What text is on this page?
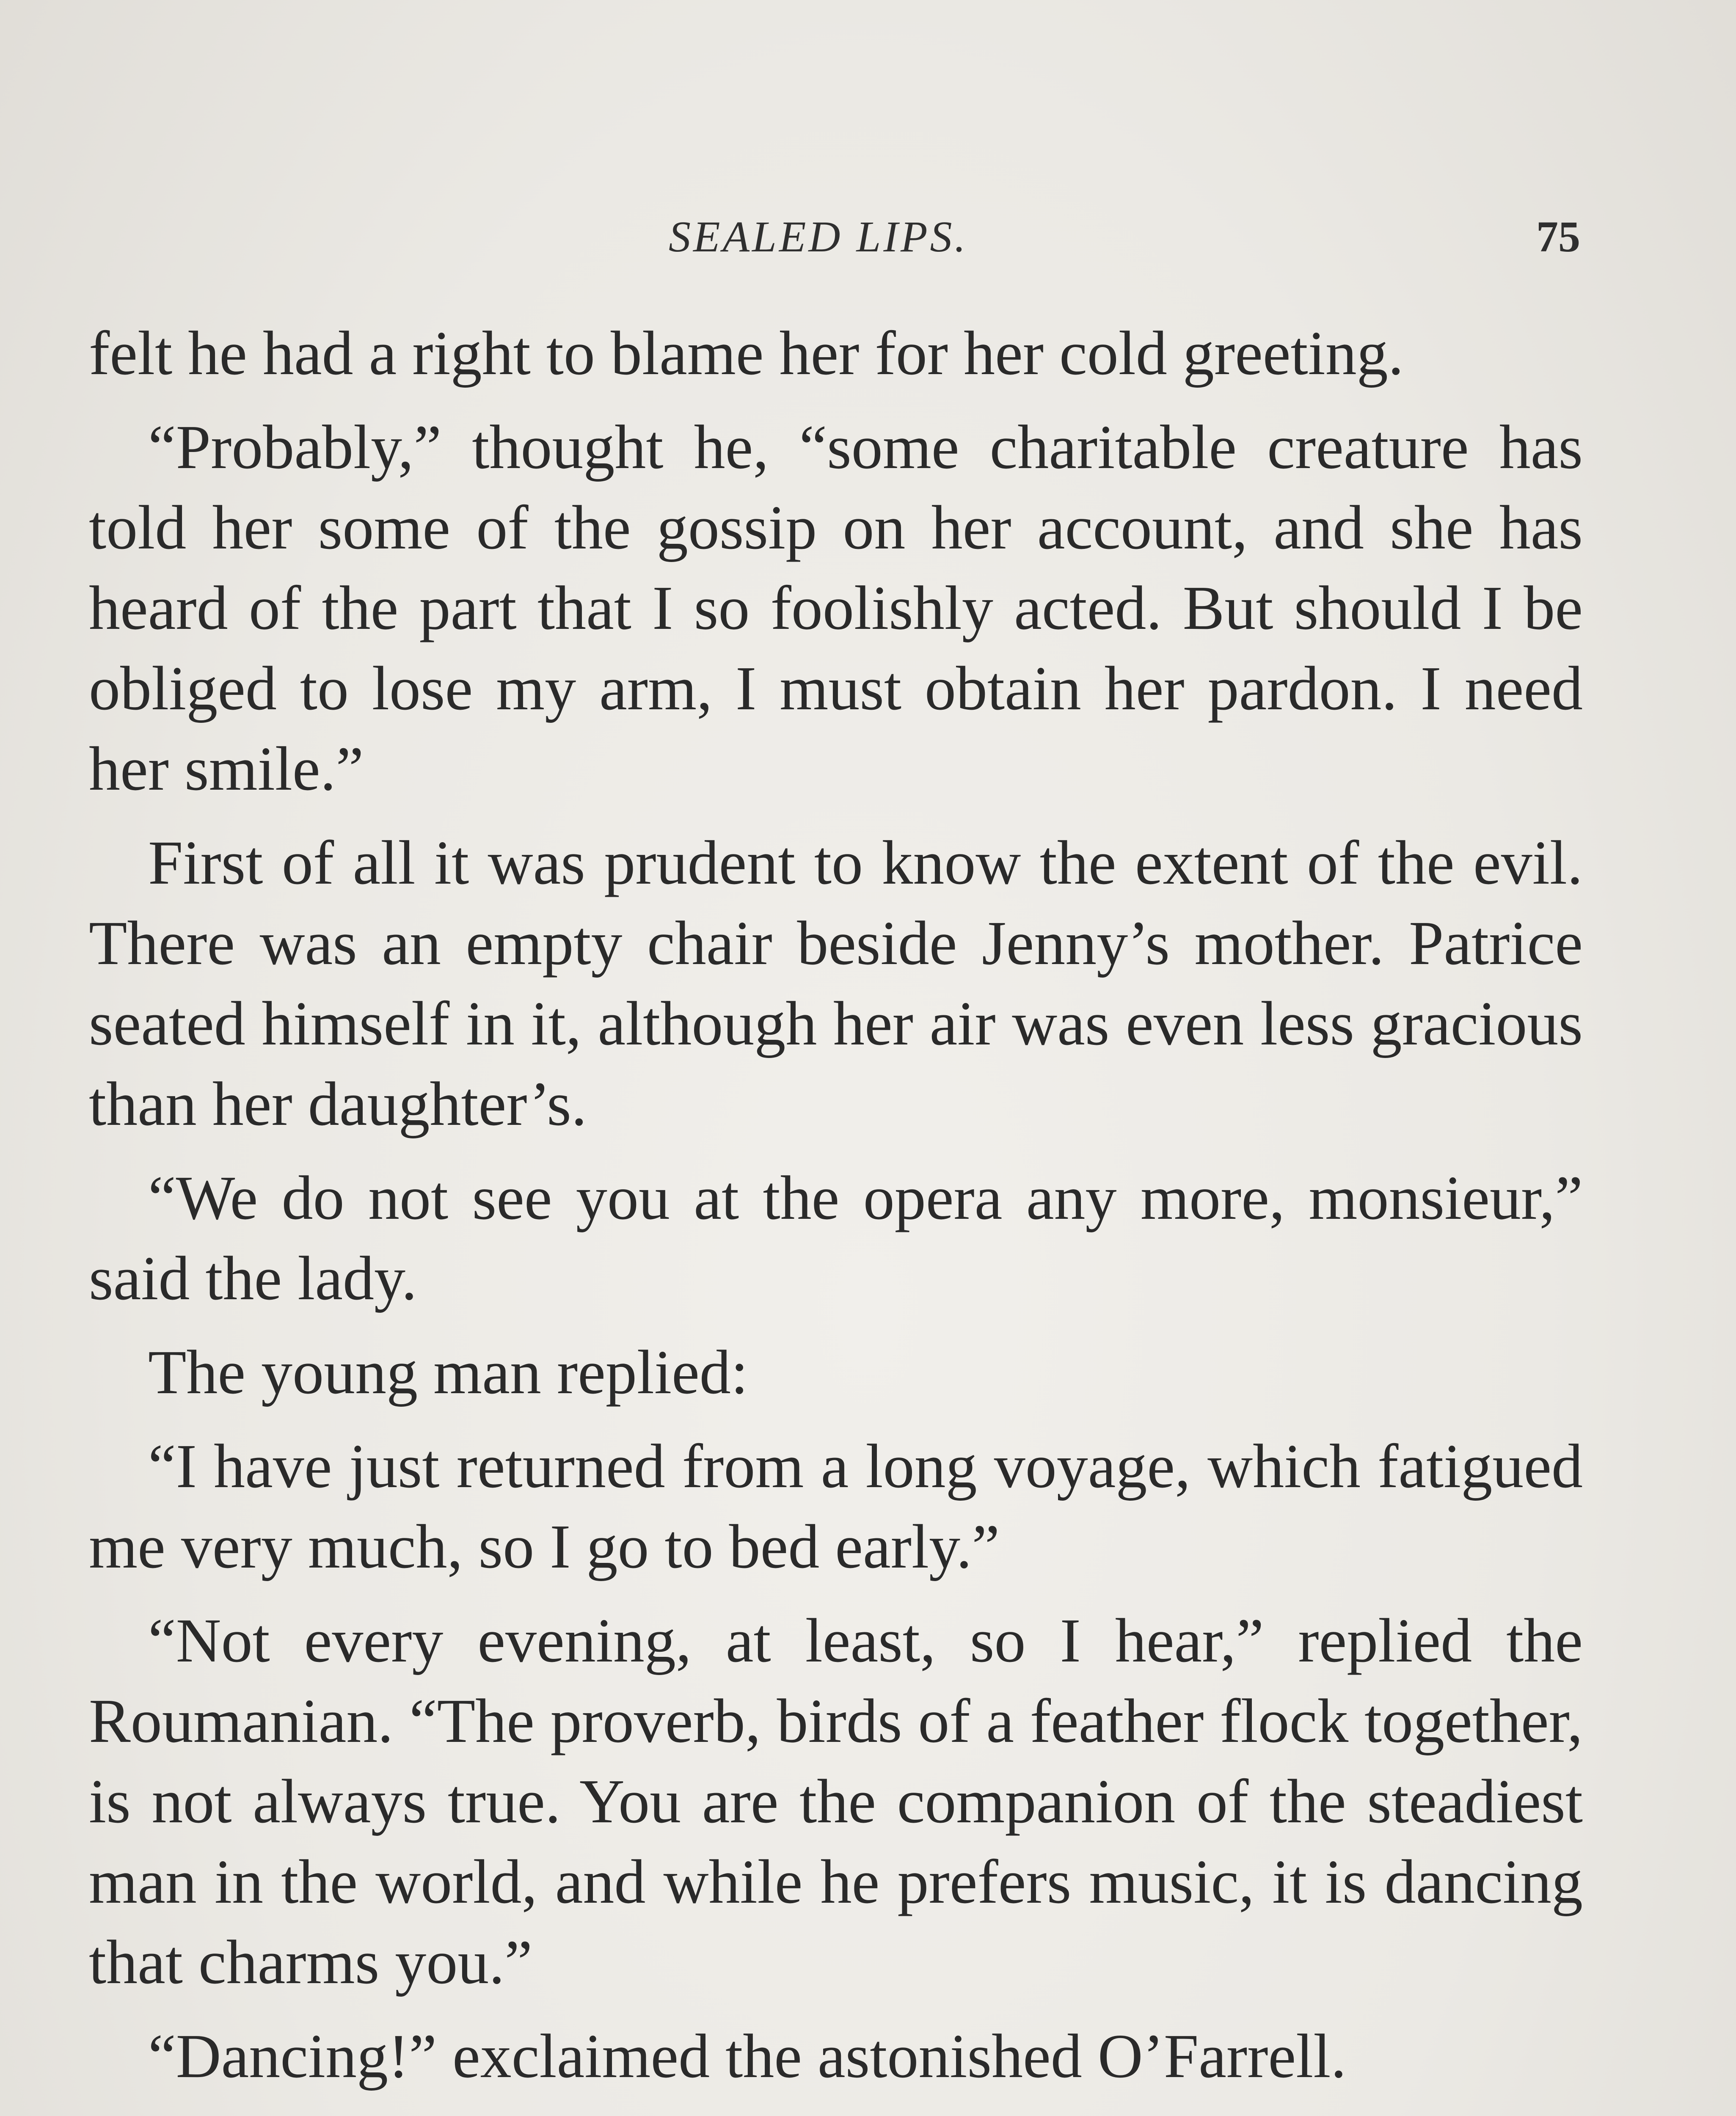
SEALED LIPS.	75

felt he had a right to blame her for her cold greeting.

“Probably,” thought he, “some charitable creature has told her some of the gossip on her account, and she has heard of the part that I so foolishly acted. But should I be obliged to lose my arm, I must obtain her pardon. I need her smile.”

First of all it was prudent to know the extent of the evil. There was an empty chair beside Jenny’s mother. Patrice seated himself in it, although her air was even less gracious than her daughter’s.

“We do not see you at the opera any more, monsieur,” said the lady.

The young man replied:

“I have just returned from a long voyage, which fatigued me very much, so I go to bed early.”

“Not every evening, at least, so I hear,” replied the Roumanian. “The proverb, birds of a feather flock together, is not always true. You are the companion of the steadiest man in the world, and while he prefers music, it is dancing that charms you.”

“Dancing!” exclaimed the astonished O’Farrell.
